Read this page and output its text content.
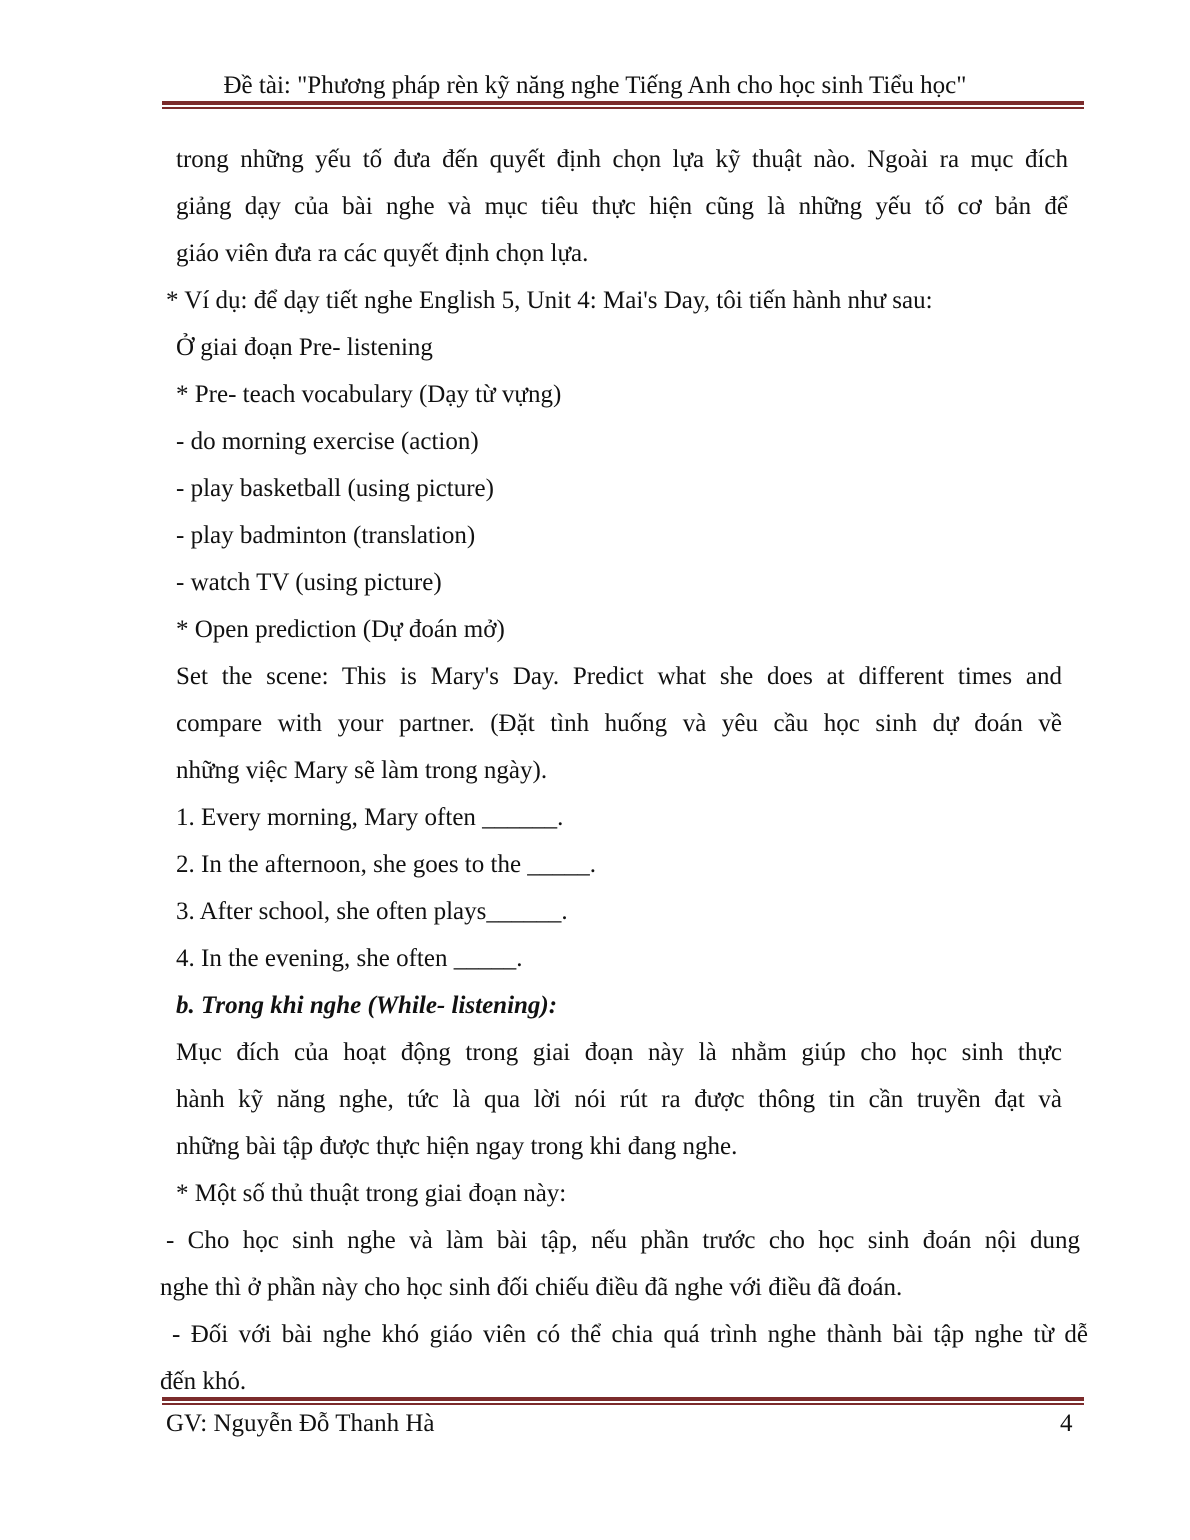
Đề tài: "Phương pháp rèn kỹ năng nghe Tiếng Anh cho học sinh Tiểu học"
trong những yếu tố đưa đến quyết định chọn lựa kỹ thuật nào. Ngoài ra mục đích
giảng dạy của bài nghe và mục tiêu thực hiện cũng là những yếu tố cơ bản để
giáo viên đưa ra các quyết định chọn lựa.
* Ví dụ: để dạy tiết nghe English 5, Unit 4: Mai's Day, tôi tiến hành như sau:
Ở giai đoạn Pre- listening
* Pre- teach vocabulary (Dạy từ vựng)
- do morning exercise (action)
- play basketball (using picture)
- play badminton (translation)
- watch TV (using picture)
* Open prediction (Dự đoán mở)
Set the scene: This is Mary's Day. Predict what she does at different times and
compare with your partner. (Đặt tình huống và yêu cầu học sinh dự đoán về
những việc Mary sẽ làm trong ngày).
1. Every morning, Mary often ______.
2. In the afternoon, she goes to the _____.
3. After school, she often plays______.
4. In the evening, she often _____.
b. Trong khi nghe (While- listening):
Mục đích của hoạt động trong giai đoạn này là nhằm giúp cho học sinh thực
hành kỹ năng nghe, tức là qua lời nói rút ra được thông tin cần truyền đạt và
những bài tập được thực hiện ngay trong khi đang nghe.
* Một số thủ thuật trong giai đoạn này:
- Cho học sinh nghe và làm bài tập, nếu phần trước cho học sinh đoán nội dung
nghe thì ở phần này cho học sinh đối chiếu điều đã nghe với điều đã đoán.
- Đối với bài nghe khó giáo viên có thể chia quá trình nghe thành bài tập nghe từ dễ
đến khó.
GV: Nguyễn Đỗ Thanh Hà	4
